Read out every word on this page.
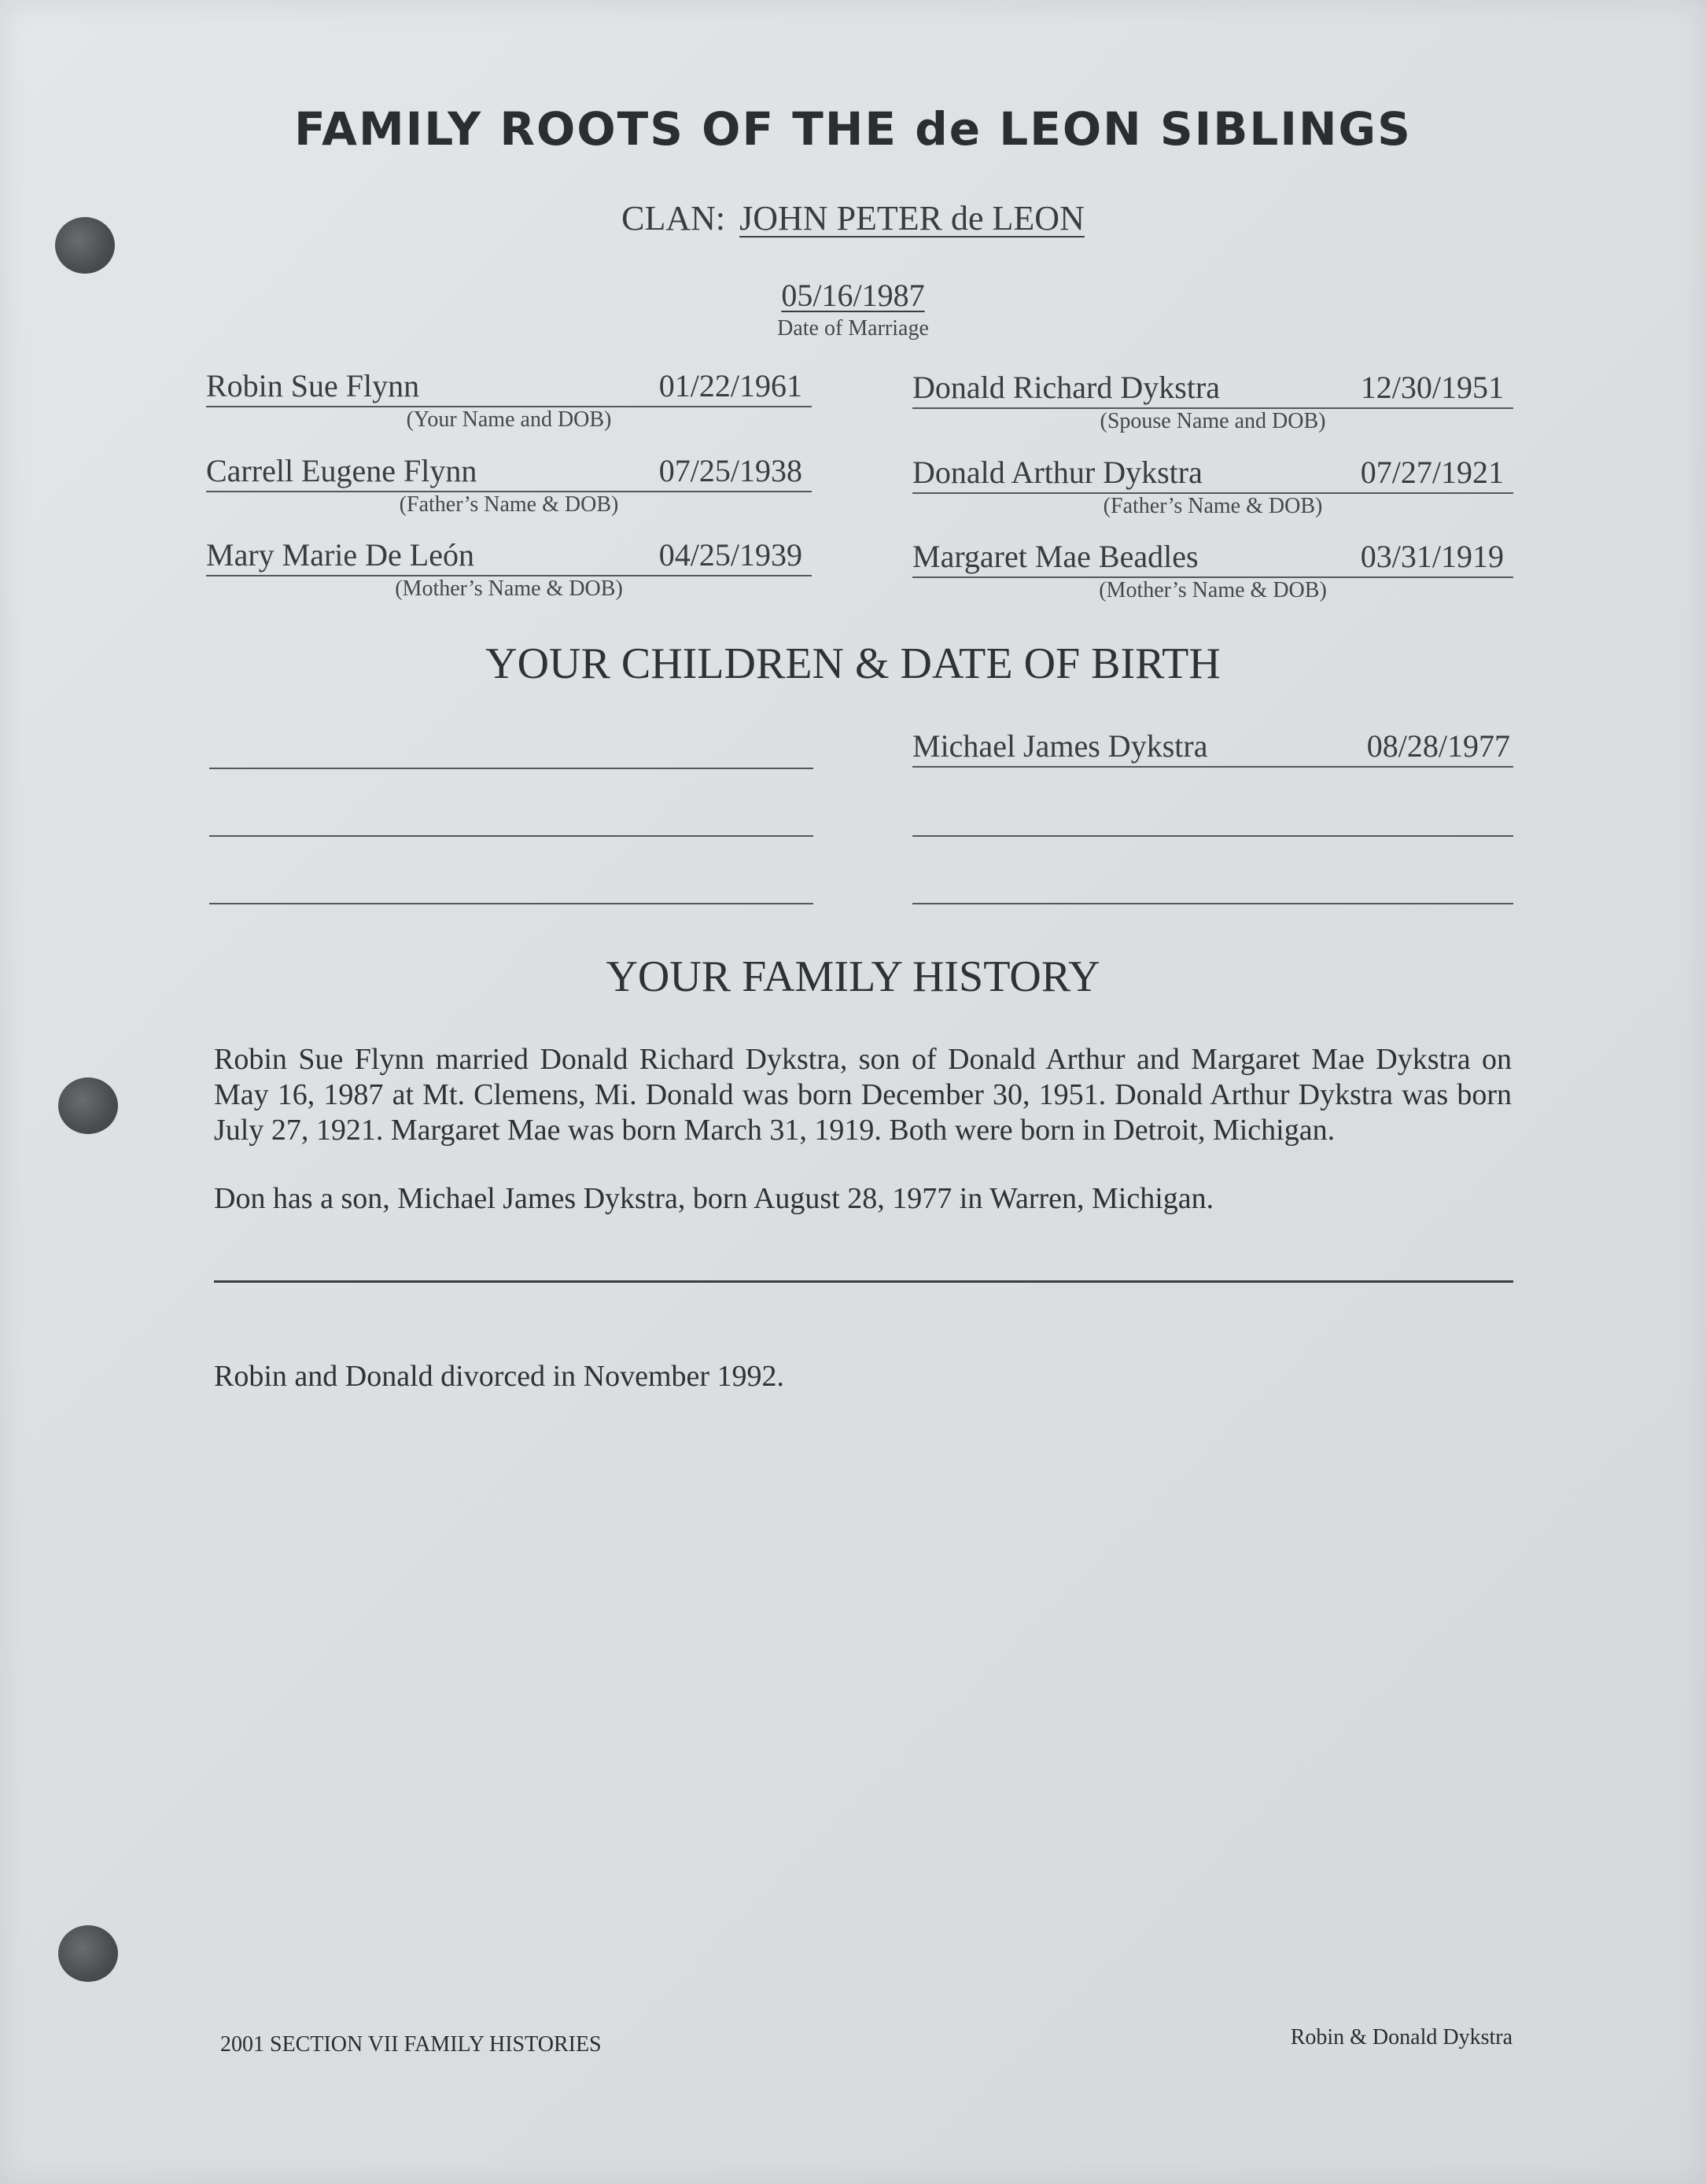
FAMILY ROOTS OF THE de LEON SIBLINGS
CLAN: JOHN PETER de LEON
05/16/1987
Date of Marriage
Robin Sue Flynn	01/22/1961
(Your Name and DOB)
Carrell Eugene Flynn	07/25/1938
(Father’s Name & DOB)
Mary Marie De León	04/25/1939
(Mother’s Name & DOB)
Donald Richard Dykstra	12/30/1951
(Spouse Name and DOB)
Donald Arthur Dykstra	07/27/1921
(Father’s Name & DOB)
Margaret Mae Beadles	03/31/1919
(Mother’s Name & DOB)
YOUR CHILDREN & DATE OF BIRTH
Michael James Dykstra	08/28/1977
YOUR FAMILY HISTORY
Robin Sue Flynn married Donald Richard Dykstra, son of Donald Arthur and Margaret Mae Dykstra on May 16, 1987 at Mt. Clemens, Mi. Donald was born December 30, 1951. Donald Arthur Dykstra was born July 27, 1921. Margaret Mae was born March 31, 1919. Both were born in Detroit, Michigan.
Don has a son, Michael James Dykstra, born August 28, 1977 in Warren, Michigan.
Robin and Donald divorced in November 1992.
2001 SECTION VII FAMILY HISTORIES	Robin & Donald Dykstra
